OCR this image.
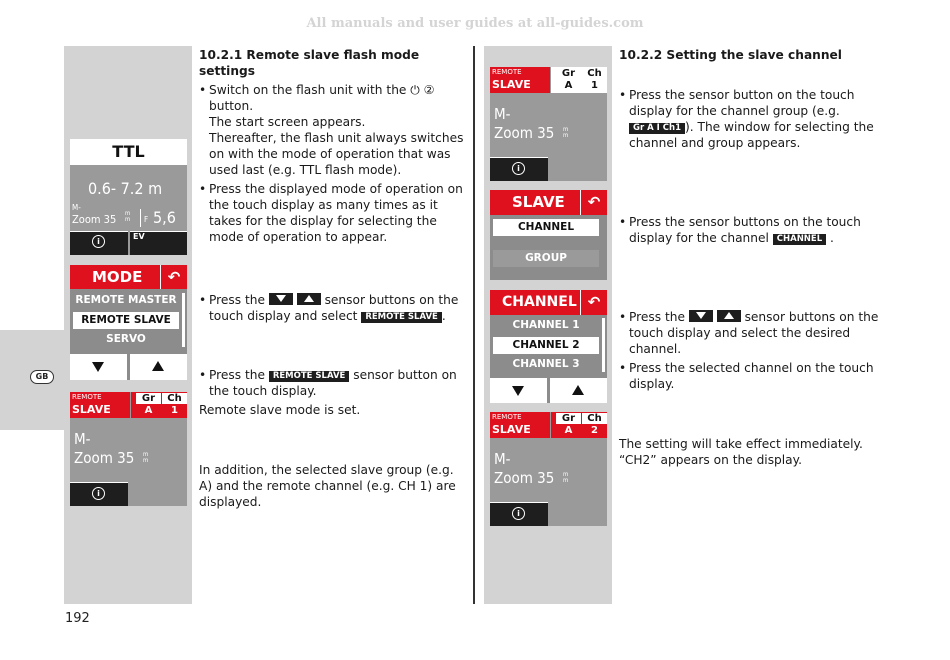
All manuals and user guides at all-guides.com
GB
192
TTL
0.6- 7.2 m
M-
Zoom 35 m m	F 5,6
i
EV
MODE	↶
REMOTE MASTER
REMOTE SLAVE
SERVO
REMOTE
SLAVE
Gr	Ch
A	1
M-
Zoom 35 m m
i
REMOTE
SLAVE
Gr	Ch
A	1
M-
Zoom 35 m m
i
SLAVE	↶
CHANNEL
GROUP
CHANNEL ↶
CHANNEL 1
CHANNEL 2
CHANNEL 3
REMOTE
SLAVE
Gr	Ch
A	2
M-
Zoom 35 m m
i
10.2.1 Remote slave flash mode settings
• Switch on the flash unit with the ⏻ ②
button.
The start screen appears.
Thereafter, the flash unit always switches on with the mode of operation that was used last (e.g. TTL flash mode).
• Press the displayed mode of operation on the touch display as many times as it takes for the display for selecting the mode of operation to appear.
• Press the	sensor buttons on the touch display and select REMOTE SLAVE .
• Press the REMOTE SLAVE sensor button on the touch display.
Remote slave mode is set.
In addition, the selected slave group (e.g. A) and the remote channel (e.g. CH 1) are displayed.
10.2.2 Setting the slave channel
• Press the sensor button on the touch display for the channel group (e.g. Gr A I Ch1 ). The window for selecting the channel and group appears.
• Press the sensor buttons on the touch display for the channel CHANNEL .
• Press the	sensor buttons on the touch display and select the desired channel.
• Press the selected channel on the touch display.
The setting will take effect immediately. “CH2” appears on the display.
